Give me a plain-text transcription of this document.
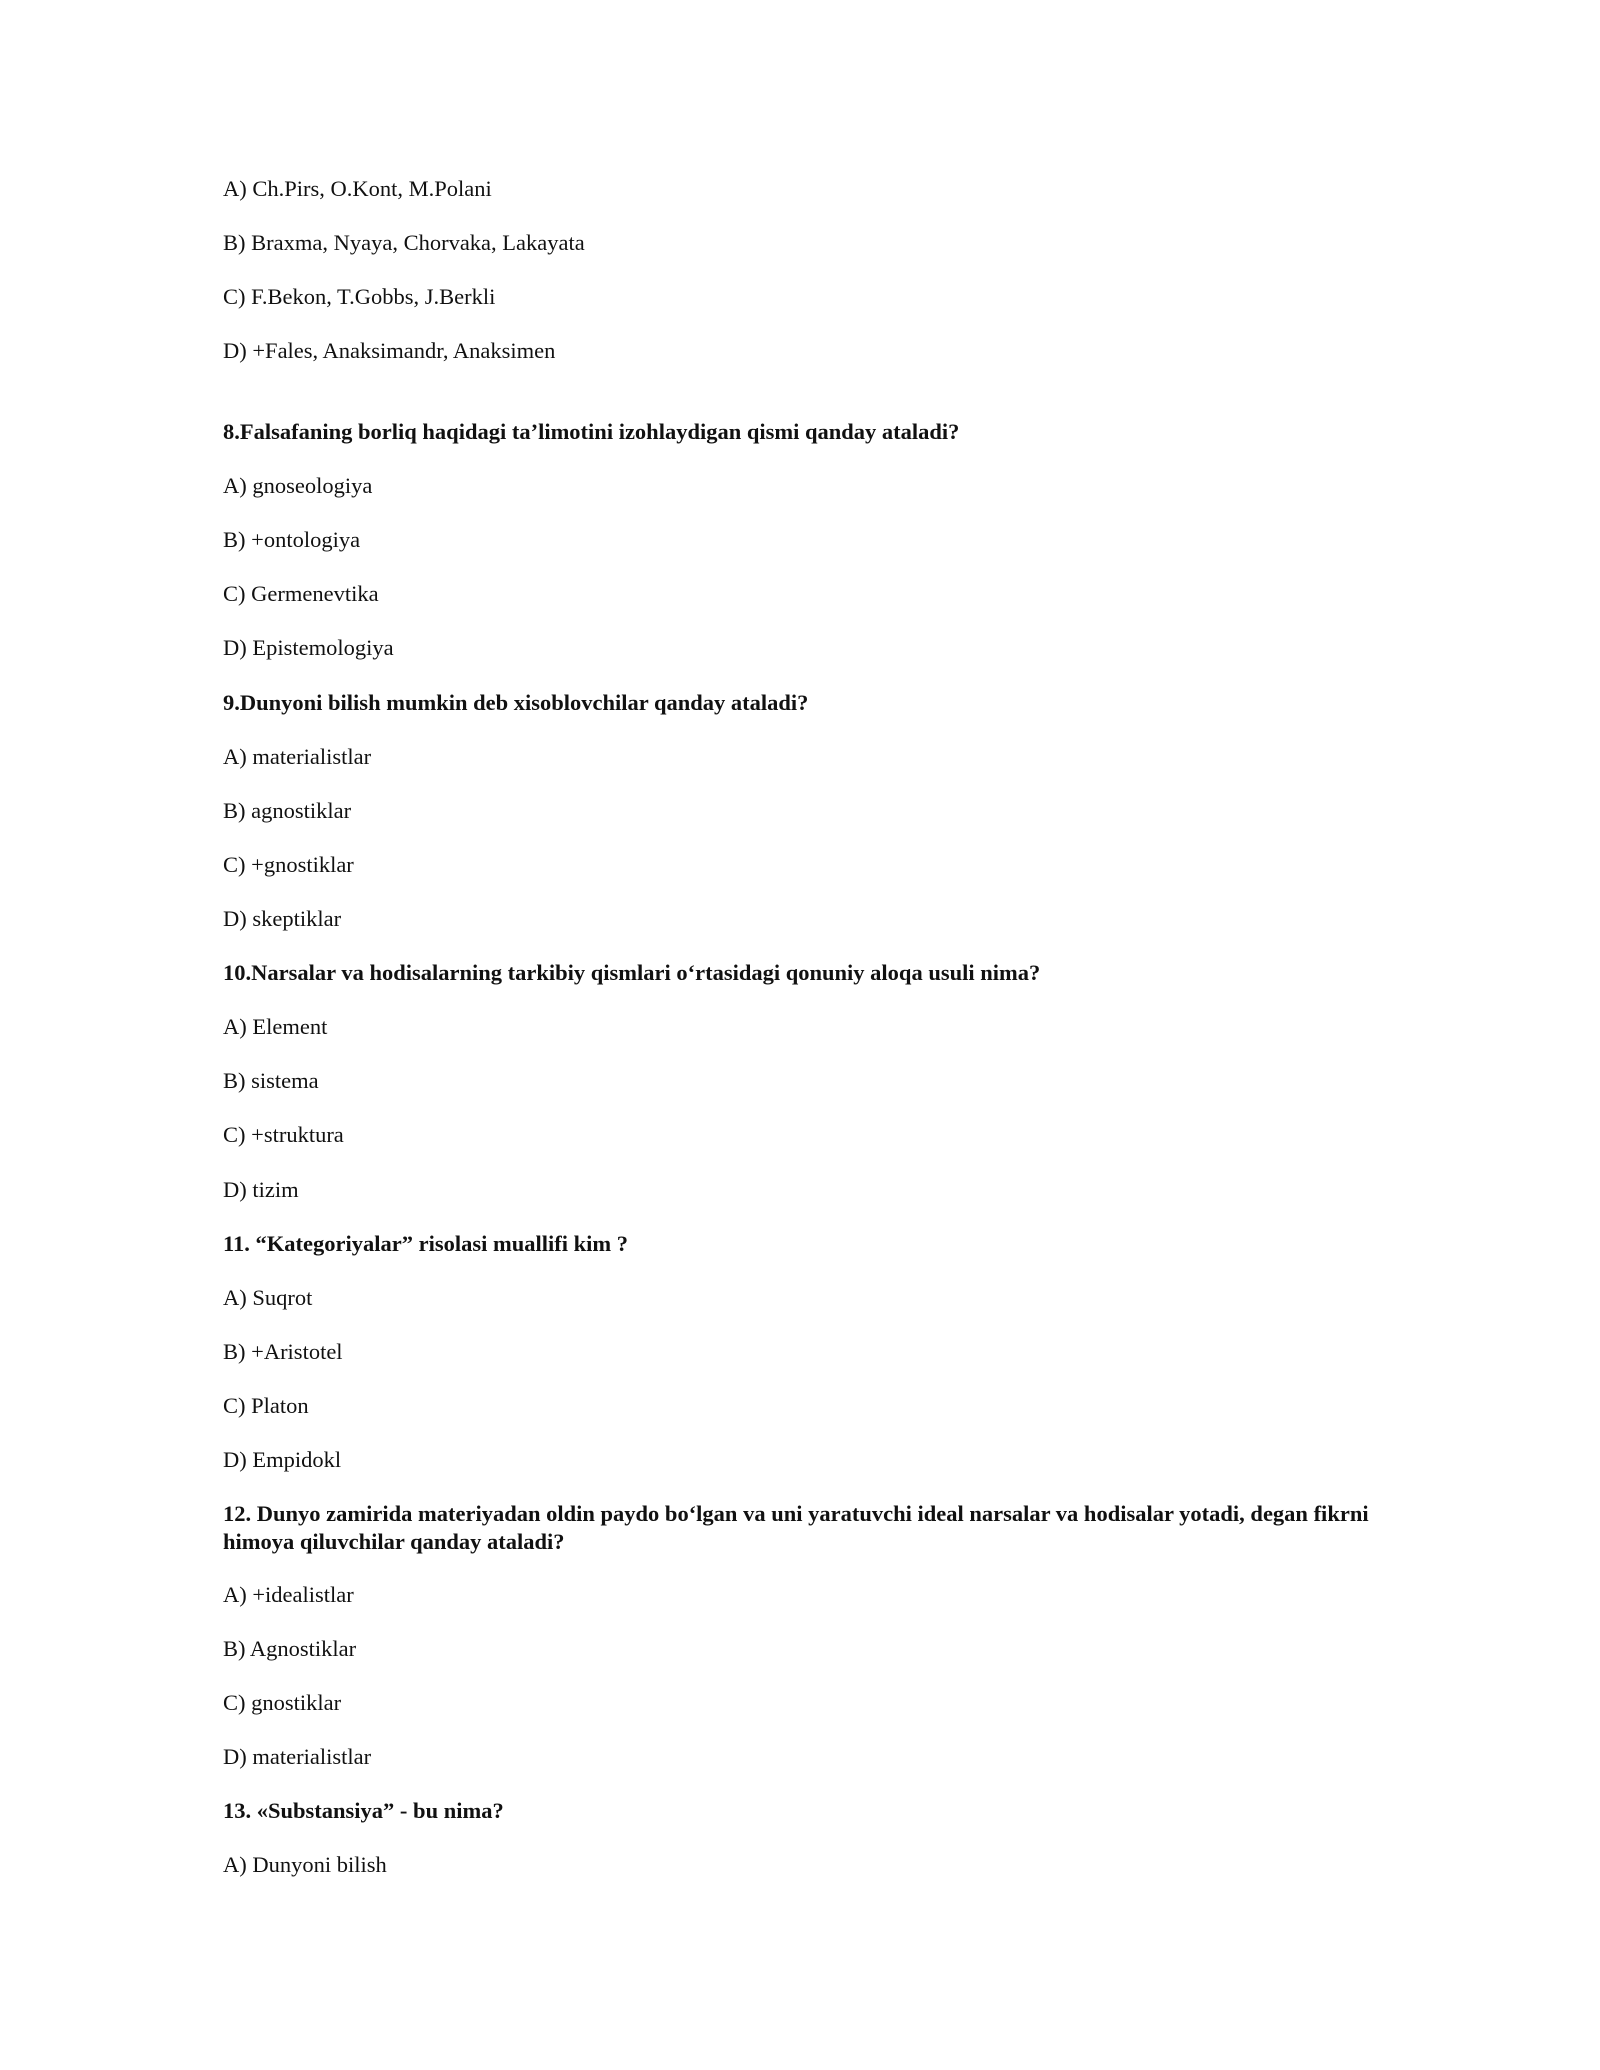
A) Ch.Pirs, O.Kont, M.Polani
B) Braxma, Nyaya, Chorvaka, Lakayata
C) F.Bekon, T.Gobbs, J.Berkli
D) +Fales, Anaksimandr, Anaksimen
8.Falsafaning borliq haqidagi ta’limotini izohlaydigan qismi qanday ataladi?
A) gnoseologiya
B) +ontologiya
C) Germenevtika
D) Epistemologiya
9.Dunyoni bilish mumkin deb xisoblovchilar qanday ataladi?
A) materialistlar
B) agnostiklar
C) +gnostiklar
D) skeptiklar
10.Narsalar va hodisalarning tarkibiy qismlari o‘rtasidagi qonuniy aloqa usuli nima?
A) Element
B) sistema
C) +struktura
D) tizim
11. “Kategoriyalar” risolasi muallifi kim ?
A) Suqrot
B) +Aristotel
C) Platon
D) Empidokl
12. Dunyo zamirida materiyadan oldin paydo bo‘lgan va uni yaratuvchi ideal narsalar va hodisalar yotadi, degan fikrni himoya qiluvchilar qanday ataladi?
A) +idealistlar
B) Agnostiklar
C) gnostiklar
D) materialistlar
13. «Substansiya” - bu nima?
A) Dunyoni bilish
